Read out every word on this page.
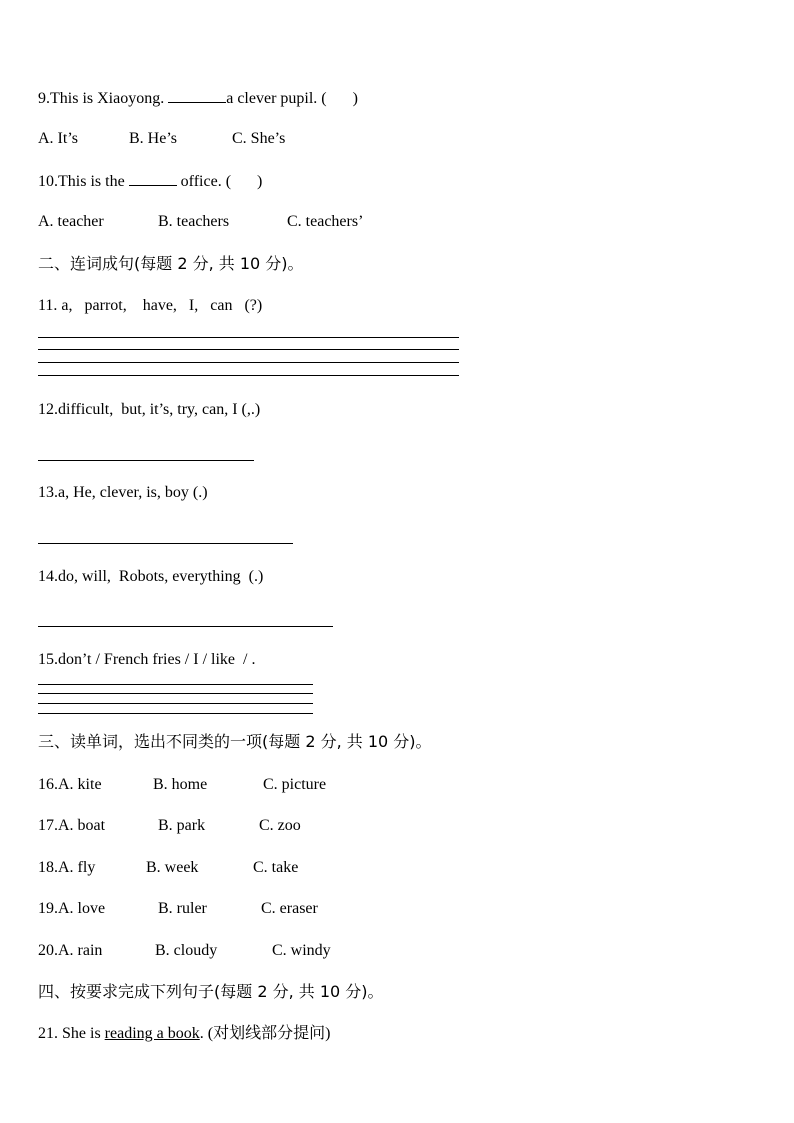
9.This is Xiaoyong.	a clever pupil. ( )
A. It’s	B. He’s	C. She’s
10.This is the	office. ( )
A. teacher	B. teachers	C. teachers’
二、连词成句(每题 2 分, 共 10 分)。
11. a,   parrot,    have,   I,   can   (?)
12.difficult,  but, it’s, try, can, I (,.)
13.a, He, clever, is, boy (.)
14.do, will,  Robots, everything  (.)
15.don’t / French fries / I / like  / .
三、读单词，选出不同类的一项(每题 2 分, 共 10 分)。
16.A. kite	B. home	C. picture
17.A. boat	B. park	C. zoo
18.A. fly	B. week	C. take
19.A. love	B. ruler	C. eraser
20.A. rain	B. cloudy	C. windy
四、按要求完成下列句子(每题 2 分, 共 10 分)。
21. She is reading a book. (对划线部分提问)
